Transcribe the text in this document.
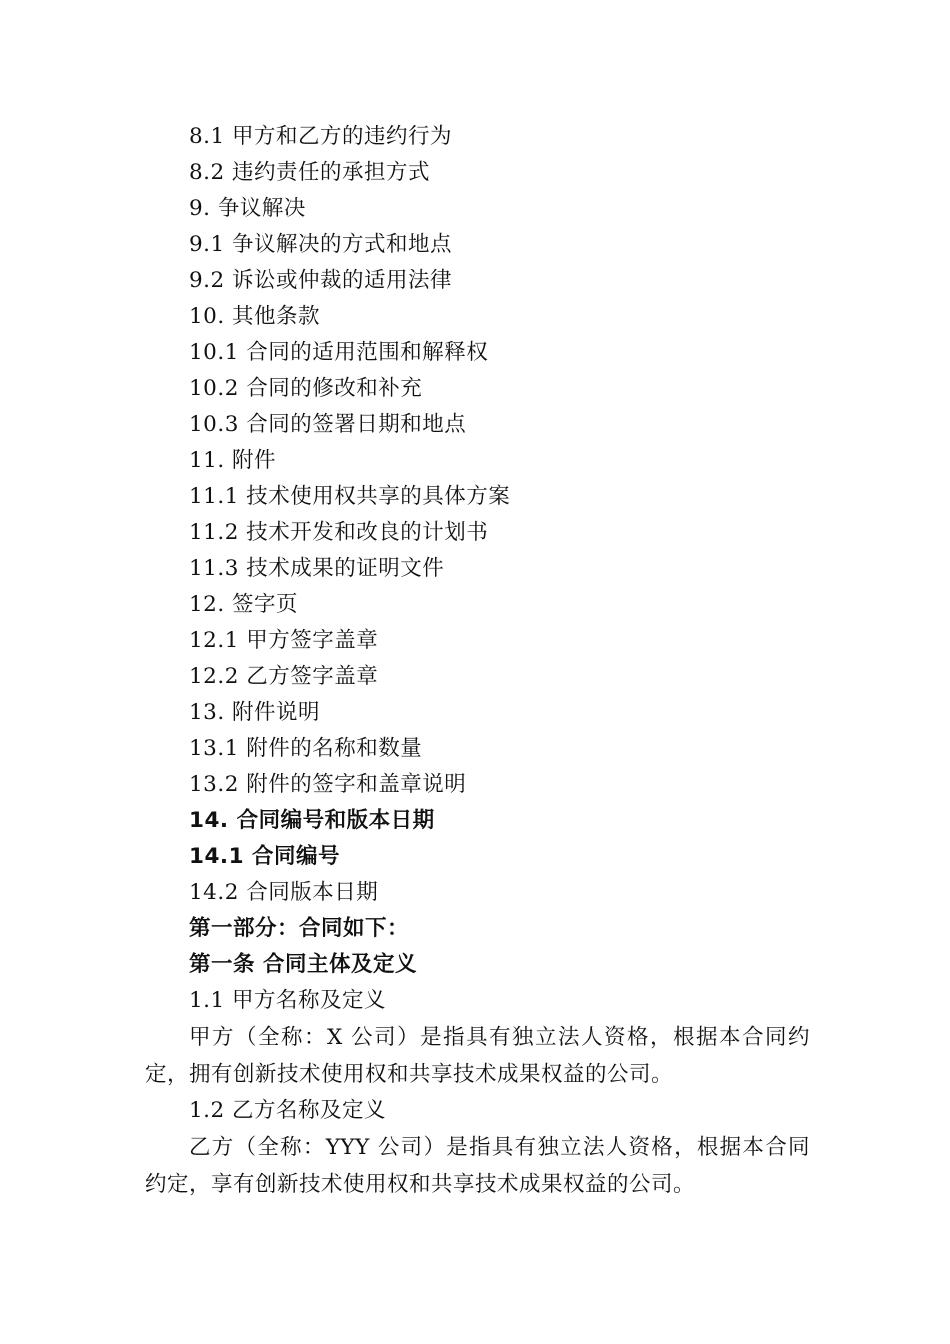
8.1 甲方和乙方的违约行为
8.2 违约责任的承担方式
9. 争议解决
9.1 争议解决的方式和地点
9.2 诉讼或仲裁的适用法律
10. 其他条款
10.1 合同的适用范围和解释权
10.2 合同的修改和补充
10.3 合同的签署日期和地点
11. 附件
11.1 技术使用权共享的具体方案
11.2 技术开发和改良的计划书
11.3 技术成果的证明文件
12. 签字页
12.1 甲方签字盖章
12.2 乙方签字盖章
13. 附件说明
13.1 附件的名称和数量
13.2 附件的签字和盖章说明
14. 合同编号和版本日期
14.1 合同编号
14.2 合同版本日期
第一部分：合同如下：
第一条 合同主体及定义
1.1 甲方名称及定义

甲方（全称：X 公司）是指具有独立法人资格，根据本合同约定，拥有创新技术使用权和共享技术成果权益的公司。

1.2 乙方名称及定义

乙方（全称：YYY 公司）是指具有独立法人资格，根据本合同约定，享有创新技术使用权和共享技术成果权益的公司。
